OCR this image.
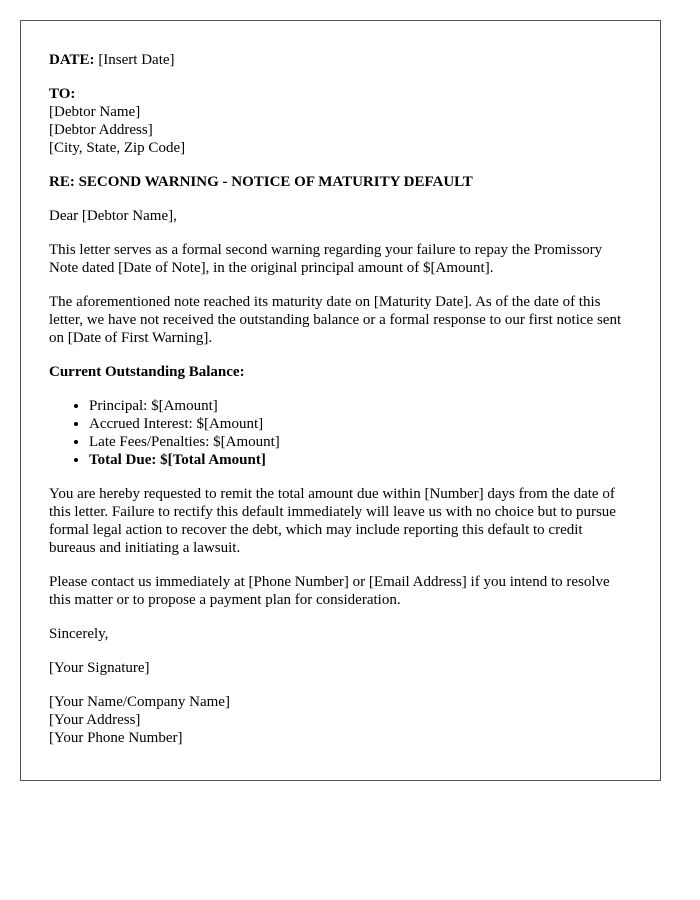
DATE: [Insert Date]
TO:
[Debtor Name]
[Debtor Address]
[City, State, Zip Code]
RE: SECOND WARNING - NOTICE OF MATURITY DEFAULT

Dear [Debtor Name],

This letter serves as a formal second warning regarding your failure to repay the Promissory Note dated [Date of Note], in the original principal amount of $[Amount].

The aforementioned note reached its maturity date on [Maturity Date]. As of the date of this letter, we have not received the outstanding balance or a formal response to our first notice sent on [Date of First Warning].

Current Outstanding Balance:
• Principal: $[Amount]
• Accrued Interest: $[Amount]
• Late Fees/Penalties: $[Amount]
• Total Due: $[Total Amount]

You are hereby requested to remit the total amount due within [Number] days from the date of this letter. Failure to rectify this default immediately will leave us with no choice but to pursue formal legal action to recover the debt, which may include reporting this default to credit bureaus and initiating a lawsuit.

Please contact us immediately at [Phone Number] or [Email Address] if you intend to resolve this matter or to propose a payment plan for consideration.

Sincerely,

[Your Signature]

[Your Name/Company Name]
[Your Address]
[Your Phone Number]
